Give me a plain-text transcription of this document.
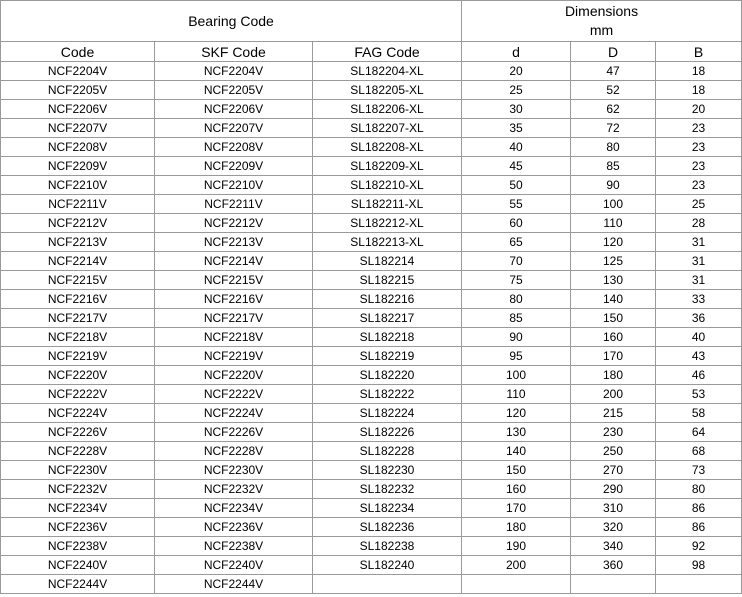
Bearing Code			Dimensions
mm		

Code	SKF Code	FAG Code	d	D	B
NCF2204V	NCF2204V	SL182204-XL	20	47	18
NCF2205V	NCF2205V	SL182205-XL	25	52	18
NCF2206V	NCF2206V	SL182206-XL	30	62	20
NCF2207V	NCF2207V	SL182207-XL	35	72	23
NCF2208V	NCF2208V	SL182208-XL	40	80	23
NCF2209V	NCF2209V	SL182209-XL	45	85	23
NCF2210V	NCF2210V	SL182210-XL	50	90	23
NCF2211V	NCF2211V	SL182211-XL	55	100	25
NCF2212V	NCF2212V	SL182212-XL	60	110	28
NCF2213V	NCF2213V	SL182213-XL	65	120	31
NCF2214V	NCF2214V	SL182214	70	125	31
NCF2215V	NCF2215V	SL182215	75	130	31
NCF2216V	NCF2216V	SL182216	80	140	33
NCF2217V	NCF2217V	SL182217	85	150	36
NCF2218V	NCF2218V	SL182218	90	160	40
NCF2219V	NCF2219V	SL182219	95	170	43
NCF2220V	NCF2220V	SL182220	100	180	46
NCF2222V	NCF2222V	SL182222	110	200	53
NCF2224V	NCF2224V	SL182224	120	215	58
NCF2226V	NCF2226V	SL182226	130	230	64
NCF2228V	NCF2228V	SL182228	140	250	68
NCF2230V	NCF2230V	SL182230	150	270	73
NCF2232V	NCF2232V	SL182232	160	290	80
NCF2234V	NCF2234V	SL182234	170	310	86
NCF2236V	NCF2236V	SL182236	180	320	86
NCF2238V	NCF2238V	SL182238	190	340	92
NCF2240V	NCF2240V	SL182240	200	360	98
NCF2244V	NCF2244V				
